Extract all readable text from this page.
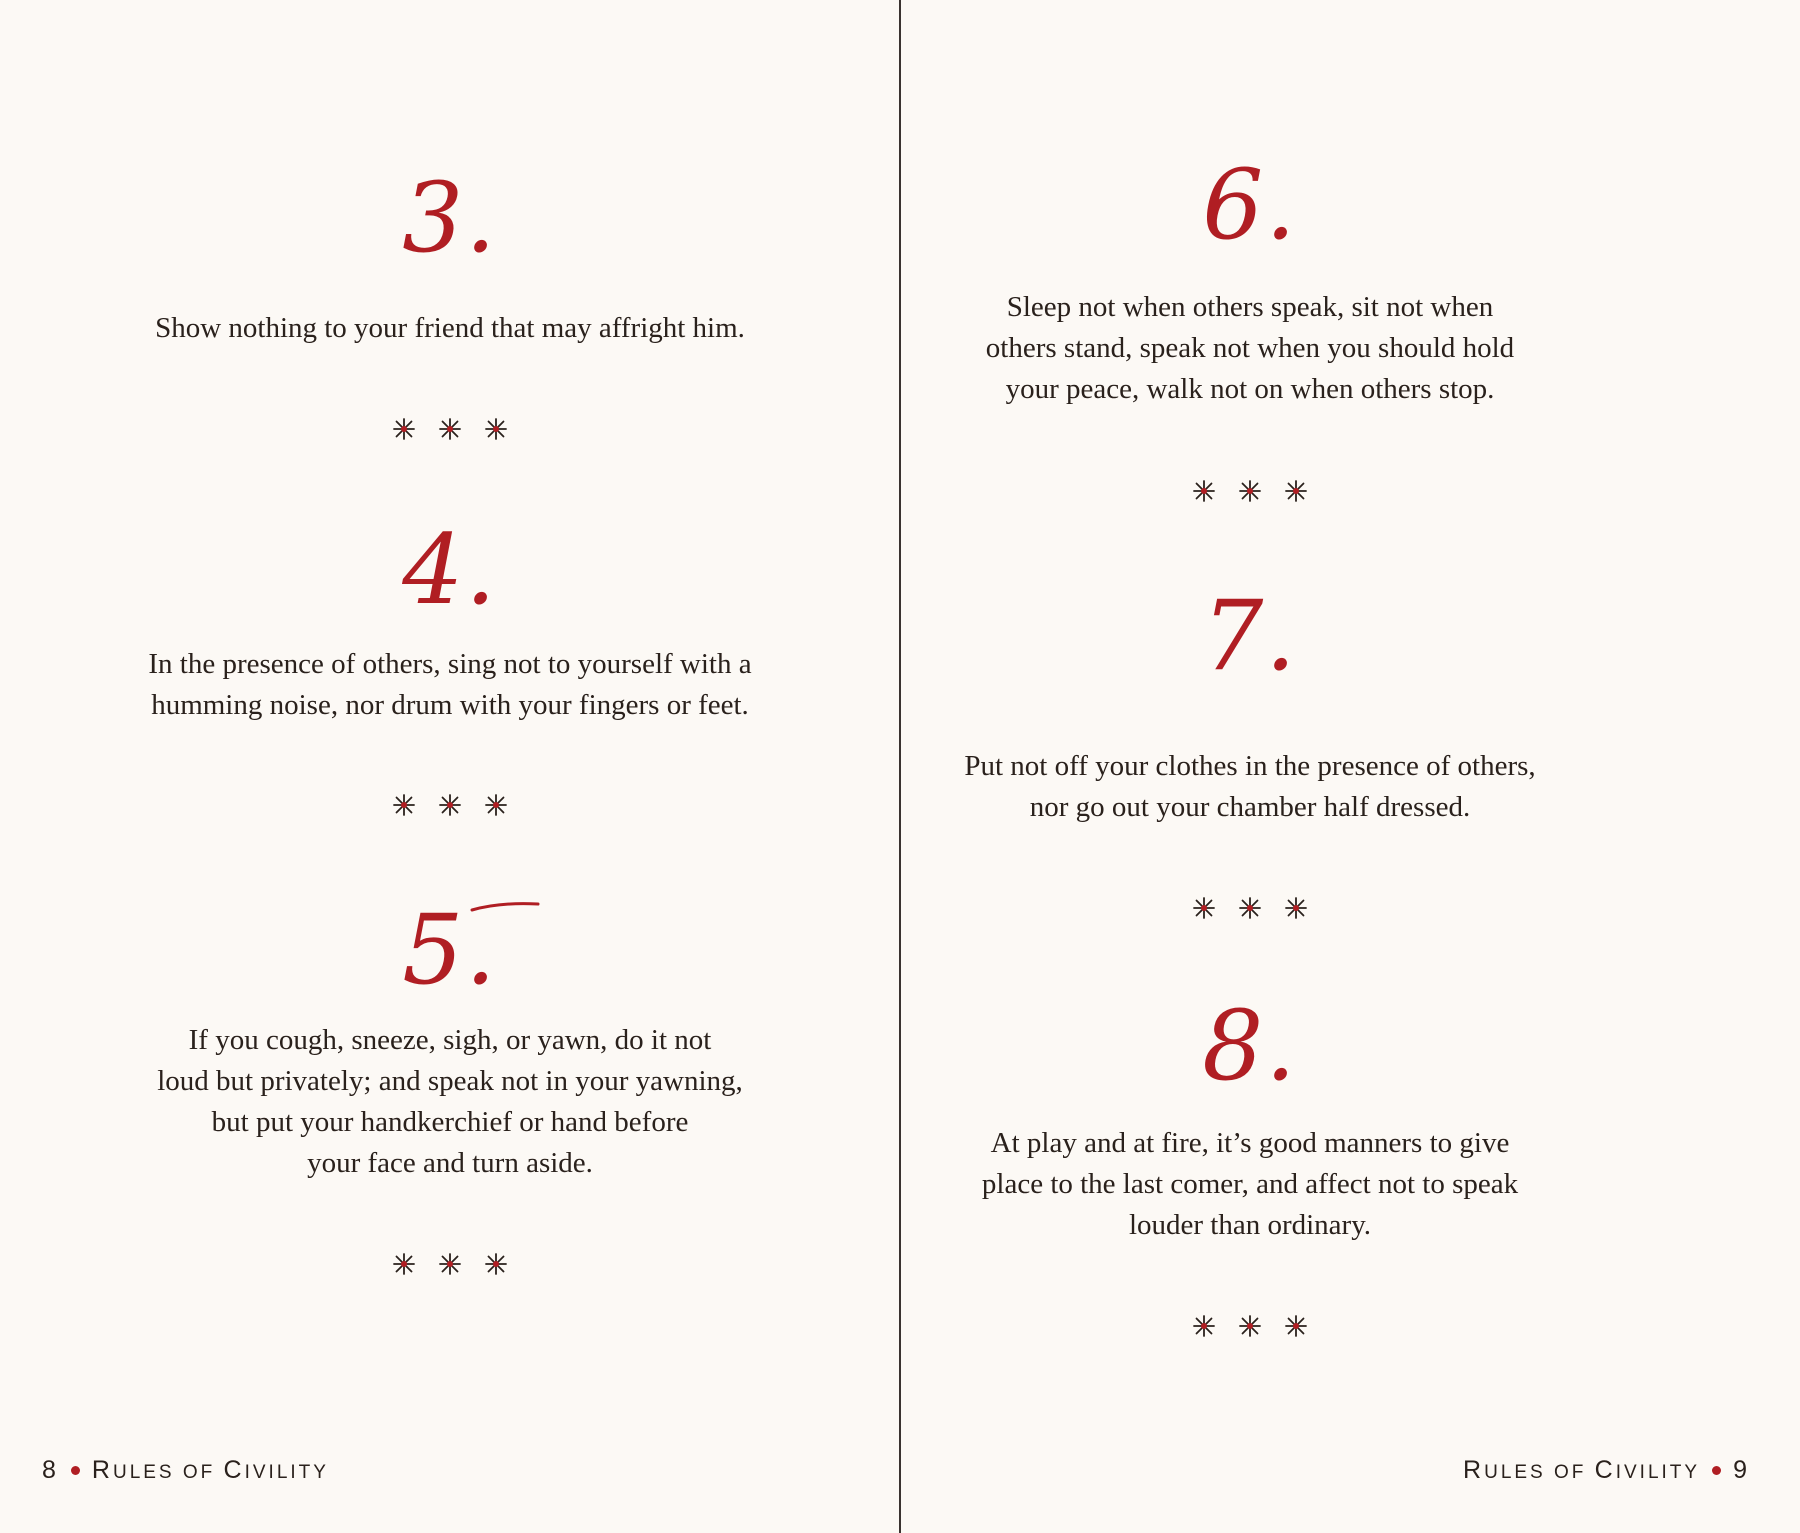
3.
Show nothing to your friend that may affright him.
4.
In the presence of others, sing not to yourself with a
humming noise, nor drum with your fingers or feet.
5.
If you cough, sneeze, sigh, or yawn, do it not
loud but privately; and speak not in your yawning,
but put your handkerchief or hand before
your face and turn aside.
8 RULES OF CIVILITY
6.
Sleep not when others speak, sit not when
others stand, speak not when you should hold
your peace, walk not on when others stop.
7.
Put not off your clothes in the presence of others,
nor go out your chamber half dressed.
8.
At play and at fire, it’s good manners to give
place to the last comer, and affect not to speak
louder than ordinary.
RULES OF CIVILITY 9
